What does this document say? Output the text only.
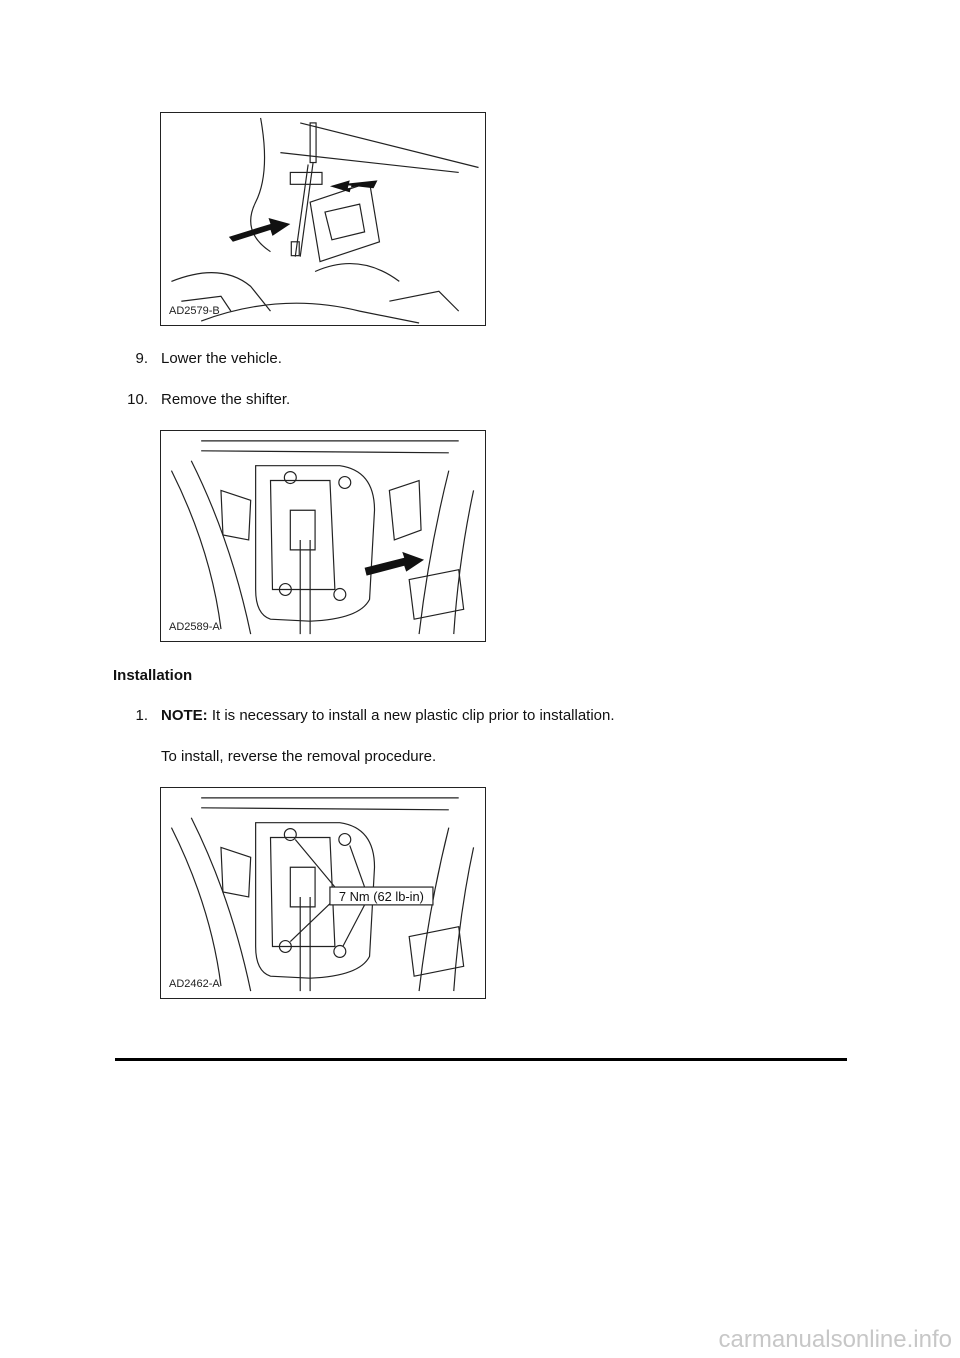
AD2579-B
9. Lower the vehicle.
10. Remove the shifter.
AD2589-A
Installation
1. NOTE: It is necessary to install a new plastic clip prior to installation.
To install, reverse the removal procedure.
7 Nm (62 lb-in)
AD2462-A
carmanualsonline.info
